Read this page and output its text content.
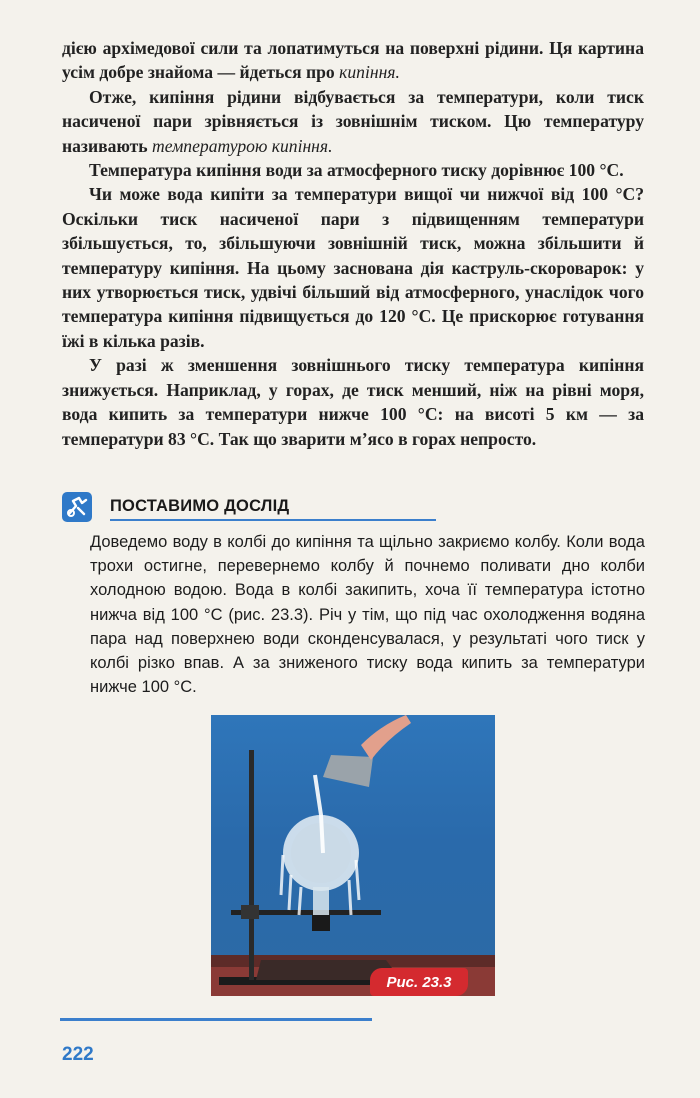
дією архімедової сили та лопатимуться на поверхні рідини. Ця картина усім добре знайома — йдеться про кипіння.

Отже, кипіння рідини відбувається за температури, коли тиск насиченої пари зрівняється із зовнішнім тиском. Цю температуру називають температурою кипіння.

Температура кипіння води за атмосферного тиску дорівнює 100 °С.

Чи може вода кипіти за температури вищої чи нижчої від 100 °С? Оскільки тиск насиченої пари з підвищенням температури збільшується, то, збільшуючи зовнішній тиск, можна збільшити й температуру кипіння. На цьому заснована дія каструль-скороварок: у них утворюється тиск, удвічі більший від атмосферного, унаслідок чого температура кипіння підвищується до 120 °С. Це прискорює готування їжі в кілька разів.

У разі ж зменшення зовнішнього тиску температура кипіння знижується. Наприклад, у горах, де тиск менший, ніж на рівні моря, вода кипить за температури нижче 100 °С: на висоті 5 км — за температури 83 °С. Так що зварити м’ясо в горах непросто.

ПОСТАВИМО ДОСЛІД
Доведемо воду в колбі до кипіння та щільно закриємо колбу. Коли вода трохи остигне, перевернемо колбу й почнемо поливати дно колби холодною водою. Вода в колбі закипить, хоча її температура істотно нижча від 100 °С (рис. 23.3). Річ у тім, що під час охолодження водяна пара над поверхнею води сконденсувалася, у результаті чого тиск у колбі різко впав. А за зниженого тиску вода кипить за температури нижче 100 °С.
Рис. 23.3
222
